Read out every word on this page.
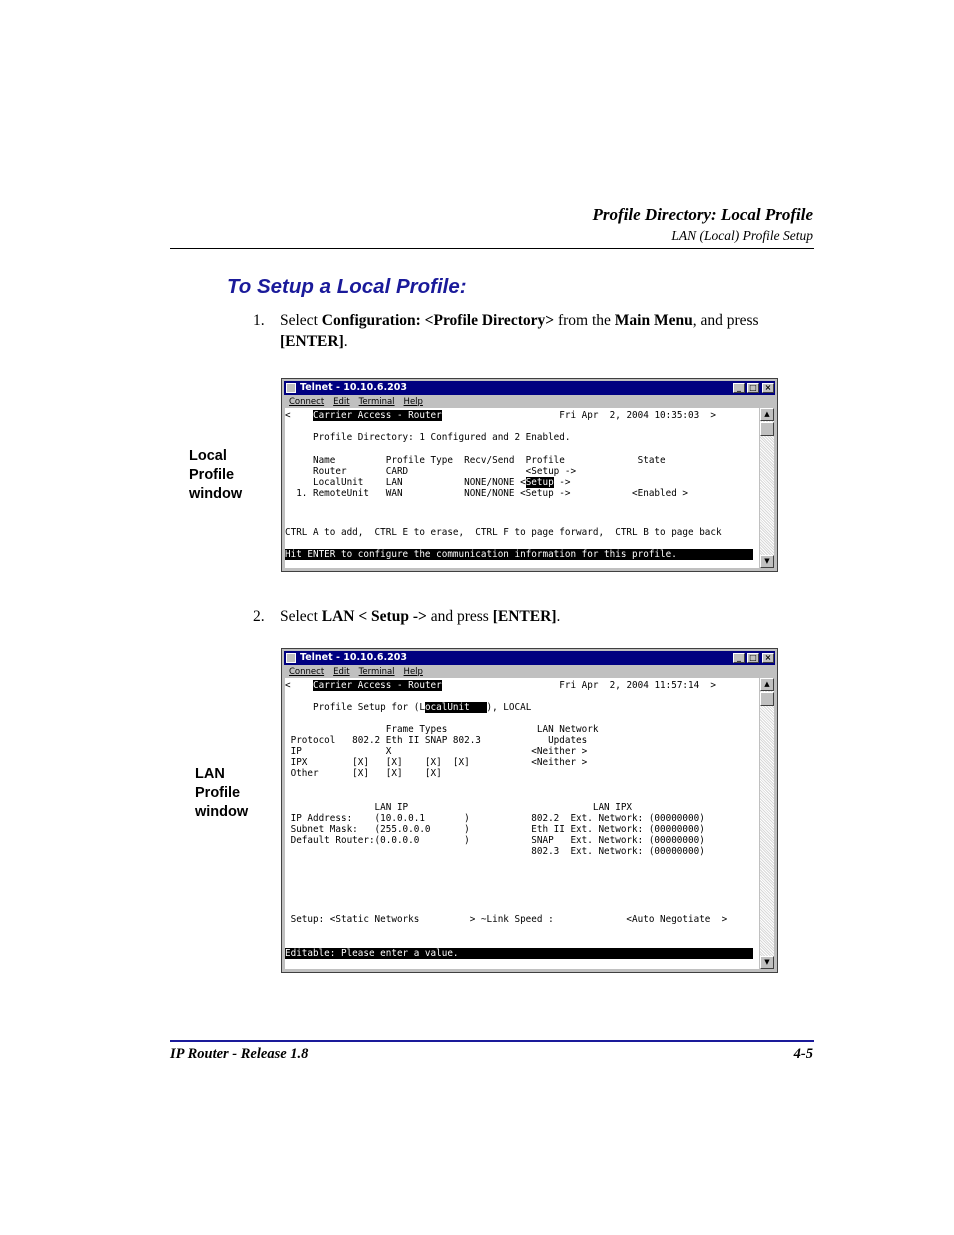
Profile Directory: Local Profile
LAN (Local) Profile Setup
To Setup a Local Profile:
1. Select Configuration: <Profile Directory> from the Main Menu, and press
[ENTER].
Local
Profile
window
Telnet - 10.10.6.203	_	□ ×
Connect Edit Terminal Help
<    Carrier Access - Router                     Fri Apr  2, 2004 10:35:03  >
Profile Directory: 1 Configured and 2 Enabled.
Name         Profile Type  Recv/Send  Profile             State
Router       CARD                     <Setup ->
LocalUnit    LAN           NONE/NONE <Setup ->
1. RemoteUnit   WAN           NONE/NONE <Setup ->           <Enabled >
CTRL A to add,  CTRL E to erase,  CTRL F to page forward,  CTRL B to page back
Hit ENTER to configure the communication information for this profile.
▲
▼
2. Select LAN < Setup -> and press [ENTER].
LAN
Profile
window
Telnet - 10.10.6.203	_	□ ×
Connect Edit Terminal Help
<    Carrier Access - Router                     Fri Apr  2, 2004 11:57:14  >
Profile Setup for (LocalUnit   ), LOCAL
Frame Types                LAN Network
Protocol   802.2 Eth II SNAP 802.3            Updates
IP               X                         <Neither >
IPX        [X]   [X]    [X]  [X]           <Neither >
Other      [X]   [X]    [X]
LAN IP                                 LAN IPX
IP Address:    (10.0.0.1       )           802.2  Ext. Network: (00000000)
Subnet Mask:   (255.0.0.0      )           Eth II Ext. Network: (00000000)
Default Router:(0.0.0.0        )           SNAP   Ext. Network: (00000000)
802.3  Ext. Network: (00000000)
Setup: <Static Networks         > ~Link Speed :             <Auto Negotiate  >
Editable: Please enter a value.
▲
▼
IP Router - Release 1.8	4-5
